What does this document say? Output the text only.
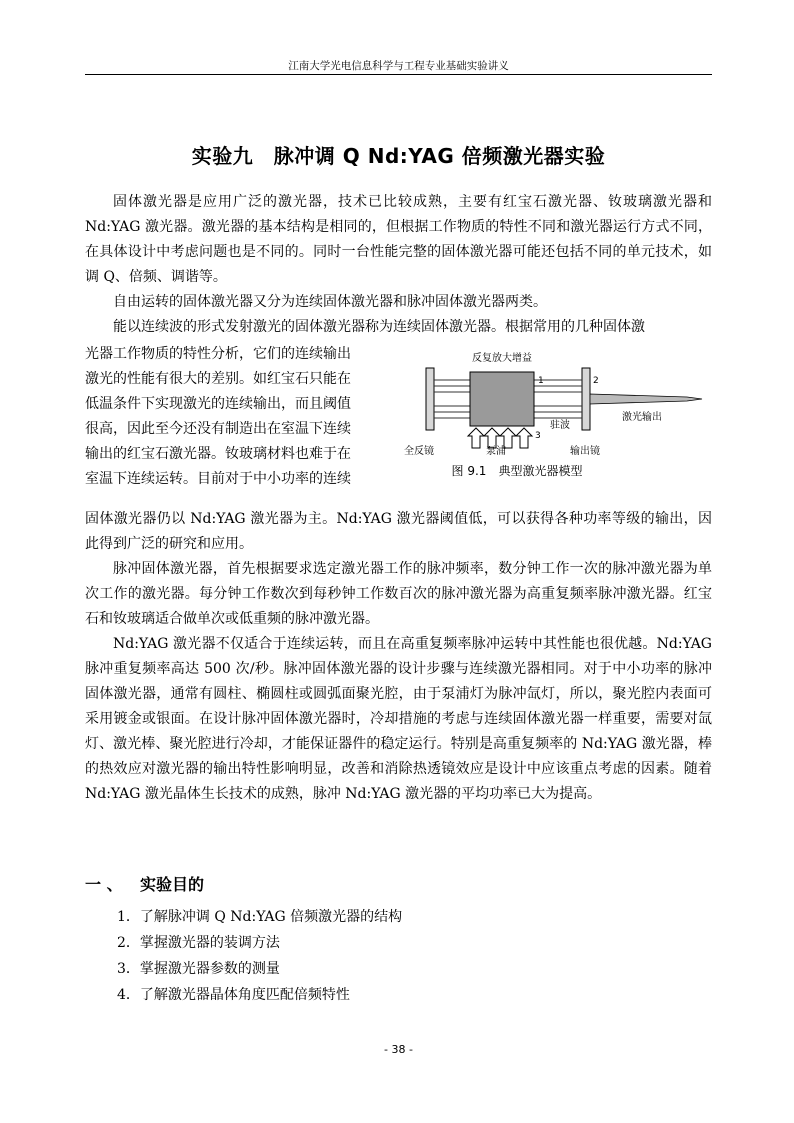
江南大学光电信息科学与工程专业基础实验讲义
实验九　脉冲调 Q Nd:YAG 倍频激光器实验

固体激光器是应用广泛的激光器，技术已比较成熟，主要有红宝石激光器、钕玻璃激光器和 Nd:YAG 激光器。激光器的基本结构是相同的，但根据工作物质的特性不同和激光器运行方式不同，在具体设计中考虑问题也是不同的。同时一台性能完整的固体激光器可能还包括不同的单元技术，如调 Q、倍频、调谐等。

自由运转的固体激光器又分为连续固体激光器和脉冲固体激光器两类。

能以连续波的形式发射激光的固体激光器称为连续固体激光器。根据常用的几种固体激

光器工作物质的特性分析，它们的连续输出
激光的性能有很大的差别。如红宝石只能在
低温条件下实现激光的连续输出，而且阈值
很高，因此至今还没有制造出在室温下连续
输出的红宝石激光器。钕玻璃材料也难于在
室温下连续运转。目前对于中小功率的连续
反复放大增益
1	2
3
驻波
激光输出
全反镜	泵浦	输出镜
图 9.1　典型激光器模型

固体激光器仍以 Nd:YAG 激光器为主。Nd:YAG 激光器阈值低，可以获得各种功率等级的输出，因此得到广泛的研究和应用。

脉冲固体激光器，首先根据要求选定激光器工作的脉冲频率，数分钟工作一次的脉冲激光器为单次工作的激光器。每分钟工作数次到每秒钟工作数百次的脉冲激光器为高重复频率脉冲激光器。红宝石和钕玻璃适合做单次或低重频的脉冲激光器。

Nd:YAG 激光器不仅适合于连续运转，而且在高重复频率脉冲运转中其性能也很优越。Nd:YAG 脉冲重复频率高达 500 次/秒。脉冲固体激光器的设计步骤与连续激光器相同。对于中小功率的脉冲固体激光器，通常有圆柱、椭圆柱或圆弧面聚光腔，由于泵浦灯为脉冲氙灯，所以，聚光腔内表面可采用镀金或银面。在设计脉冲固体激光器时，冷却措施的考虑与连续固体激光器一样重要，需要对氙灯、激光棒、聚光腔进行冷却，才能保证器件的稳定运行。特别是高重复频率的 Nd:YAG 激光器，棒的热效应对激光器的输出特性影响明显，改善和消除热透镜效应是设计中应该重点考虑的因素。随着 Nd:YAG 激光晶体生长技术的成熟，脉冲 Nd:YAG 激光器的平均功率已大为提高。

一 、 实验目的
1．了解脉冲调 Q Nd:YAG 倍频激光器的结构
2．掌握激光器的装调方法
3．掌握激光器参数的测量
4．了解激光器晶体角度匹配倍频特性
- 38 -
